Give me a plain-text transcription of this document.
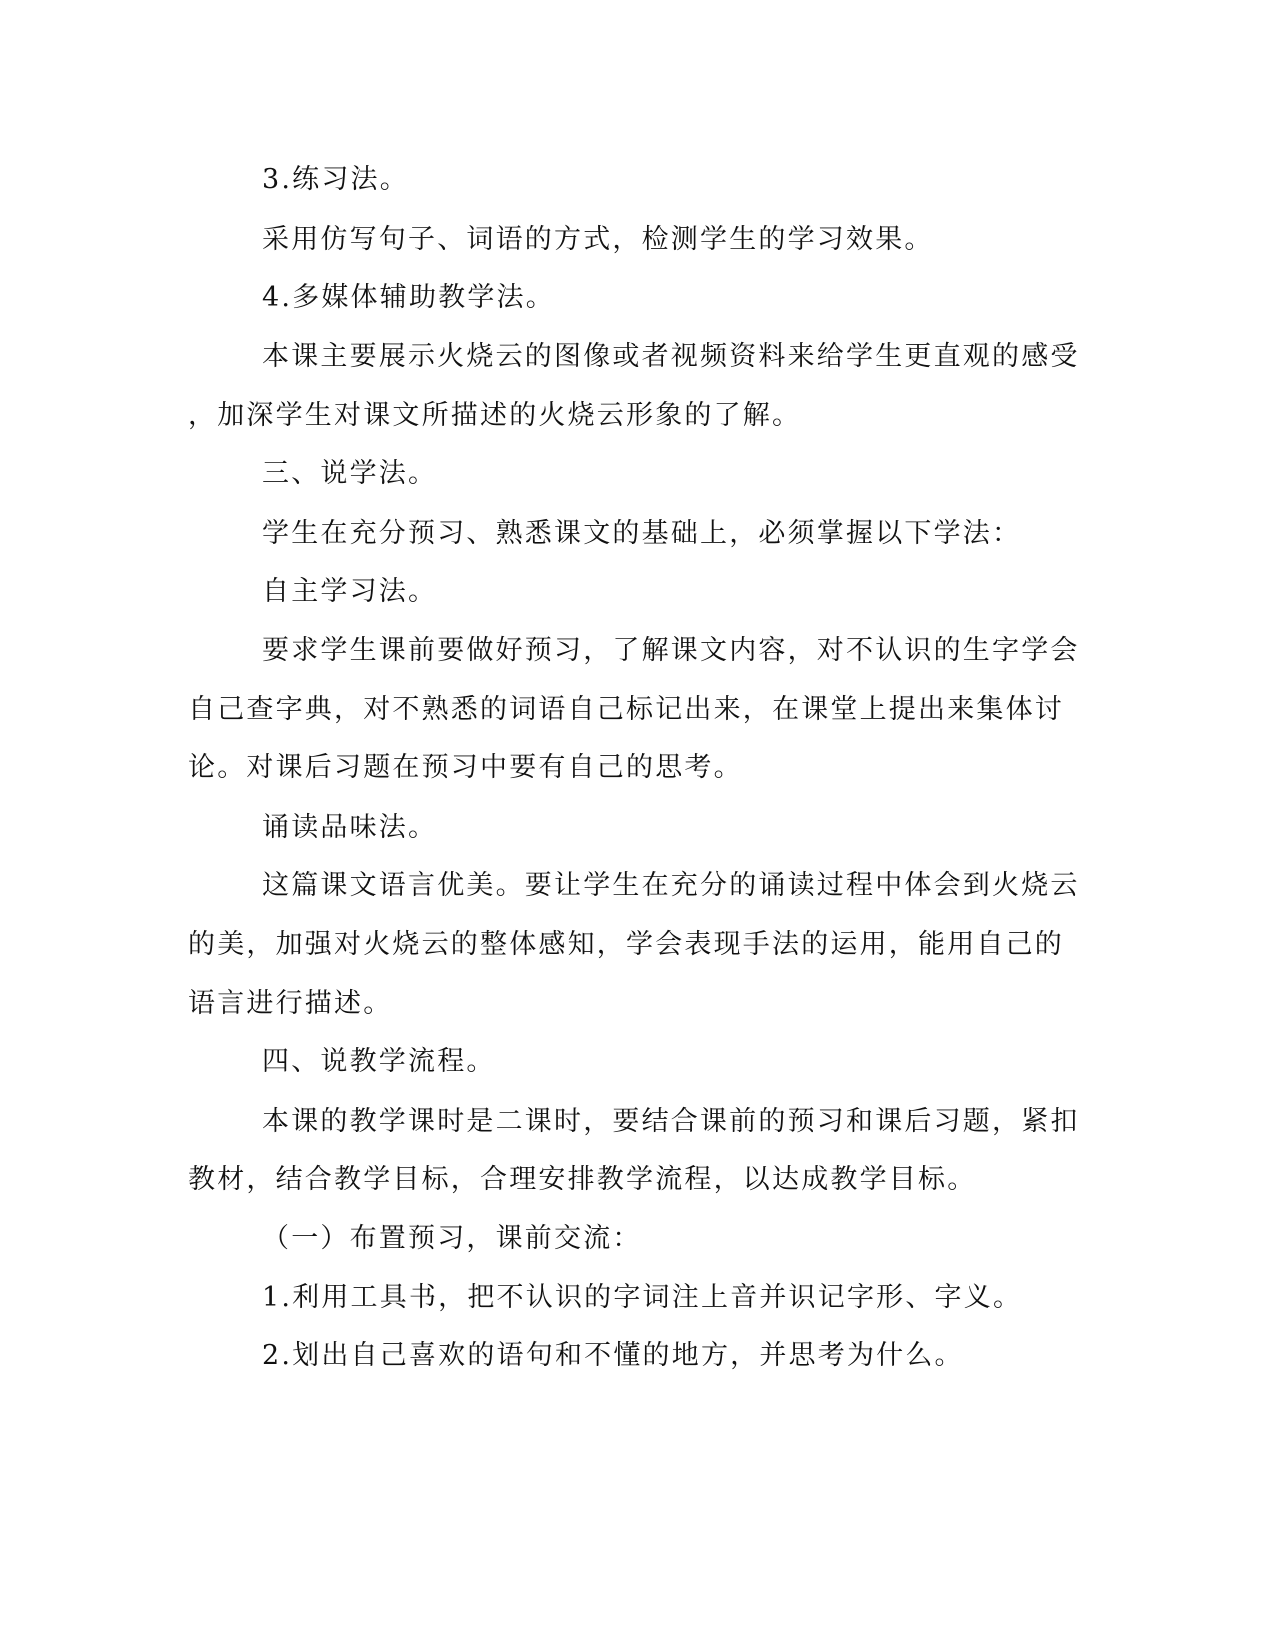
3.练习法。
采用仿写句子、词语的方式，检测学生的学习效果。
4.多媒体辅助教学法。
本课主要展示火烧云的图像或者视频资料来给学生更直观的感受
，加深学生对课文所描述的火烧云形象的了解。
三、说学法。
学生在充分预习、熟悉课文的基础上，必须掌握以下学法：
自主学习法。
要求学生课前要做好预习，了解课文内容，对不认识的生字学会
自己查字典，对不熟悉的词语自己标记出来，在课堂上提出来集体讨
论。对课后习题在预习中要有自己的思考。
诵读品味法。
这篇课文语言优美。要让学生在充分的诵读过程中体会到火烧云
的美，加强对火烧云的整体感知，学会表现手法的运用，能用自己的
语言进行描述。
四、说教学流程。
本课的教学课时是二课时，要结合课前的预习和课后习题，紧扣
教材，结合教学目标，合理安排教学流程，以达成教学目标。
（一）布置预习，课前交流：
1.利用工具书，把不认识的字词注上音并识记字形、字义。
2.划出自己喜欢的语句和不懂的地方，并思考为什么。
